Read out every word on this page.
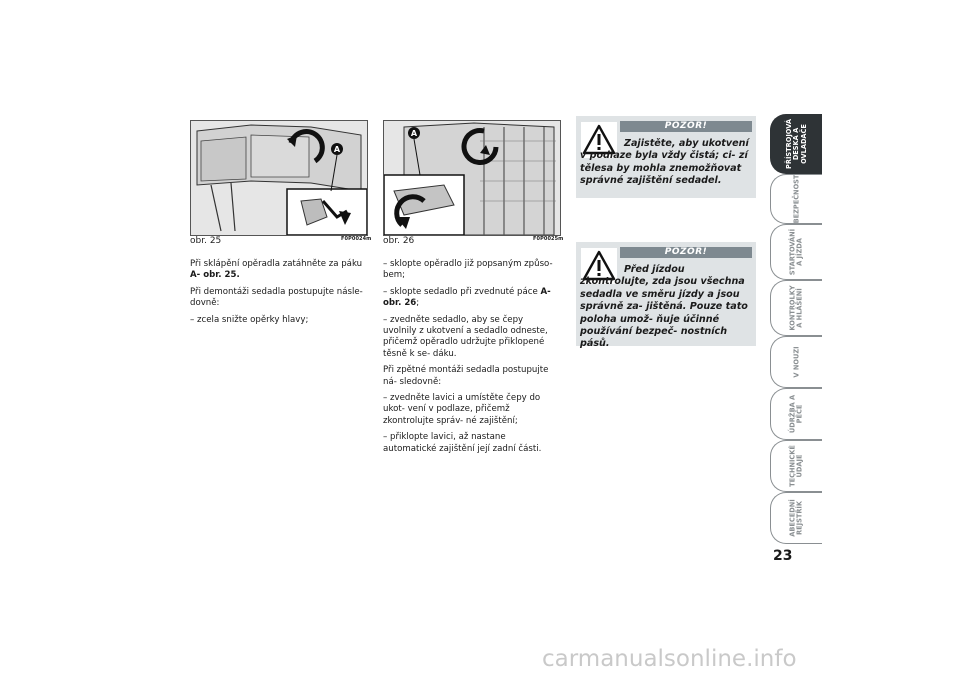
A
obr. 25	F0P0024m
A
obr. 26	F0P0025m

Při sklápění opěradla zatáhněte za páku A- obr. 25.

Při demontáži sedadla postupujte násle- dovně:

– zcela snižte opěrky hlavy;

– sklopte opěradlo již popsaným způso- bem;

– sklopte sedadlo při zvednuté páce A- obr. 26;

– zvedněte sedadlo, aby se čepy uvolnily z ukotvení a sedadlo odneste, přičemž opěradlo udržujte přiklopené těsně k se- dáku.

Při zpětné montáži sedadla postupujte ná- sledovně:

– zvedněte lavici a umístěte čepy do ukot- vení v podlaze, přičemž zkontrolujte správ- né zajištění;

– přiklopte lavici, až nastane automatické zajištění její zadní části.

POZOR!
Zajistěte, aby ukotvení v podlaze byla vždy čistá; ci- zí tělesa by mohla znemožňovat správné zajištění sedadel.
POZOR!
Před jízdou zkontrolujte, zda jsou všechna sedadla ve směru jízdy a jsou správně za- jištěná. Pouze tato poloha umož- ňuje účinné používání bezpeč- nostních pásů.
PŘÍSTROJOVÁ DESKA A OVLADAČE
BEZPEČNOST
STARTOVÁNÍ A JÍZDA
KONTROLKY A HLÁŠENÍ
V NOUZI
ÚDRŽBA A PÉČE
TECHNICKÉ ÚDAJE
ABECEDNÍ REJSTŘÍK
23
carmanualsonline.info
